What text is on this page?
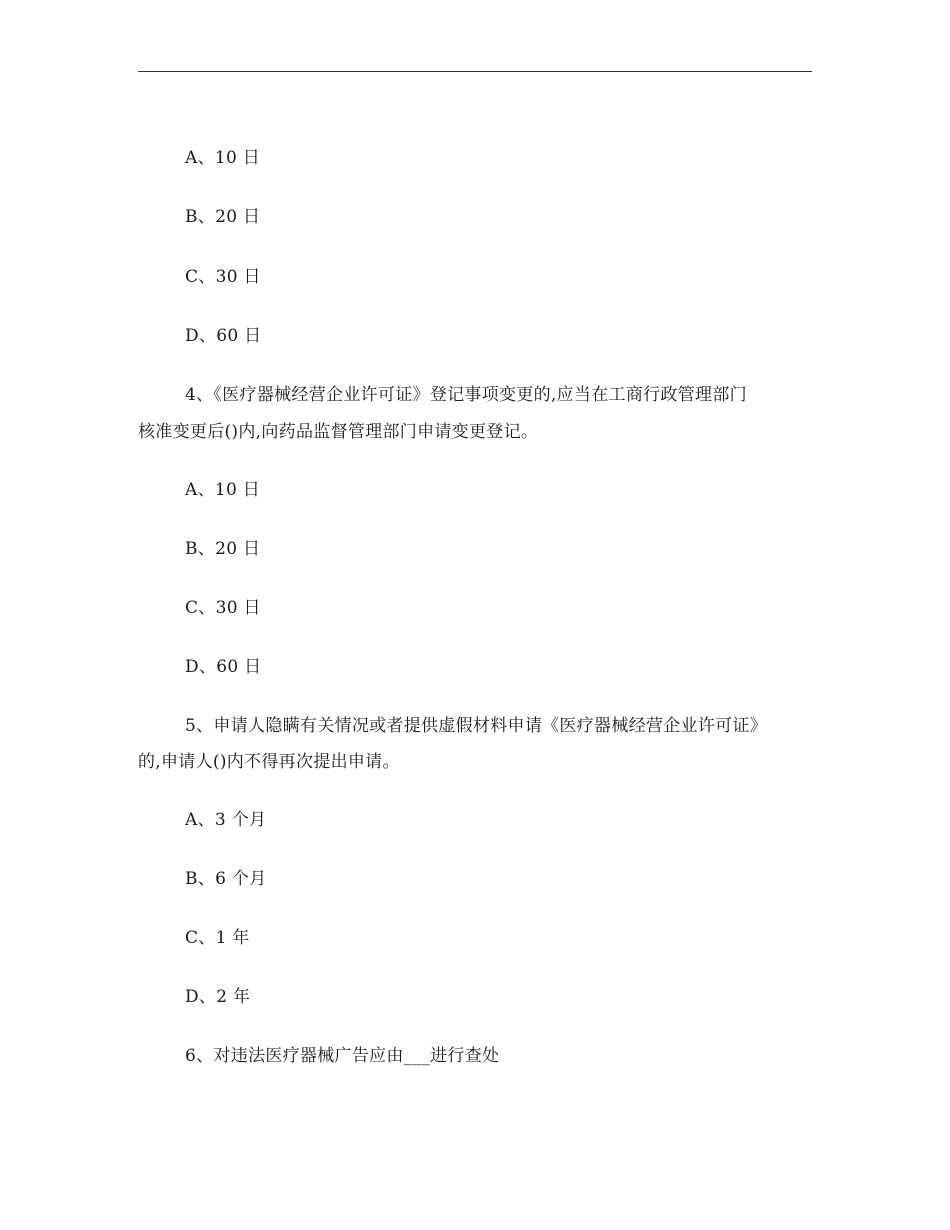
A、10 日
B、20 日
C、30 日
D、60 日
4、《医疗器械经营企业许可证》登记事项变更的,应当在工商行政管理部门
核准变更后()内,向药品监督管理部门申请变更登记。
A、10 日
B、20 日
C、30 日
D、60 日
5、申请人隐瞒有关情况或者提供虚假材料申请《医疗器械经营企业许可证》
的,申请人()内不得再次提出申请。
A、3 个月
B、6 个月
C、1 年
D、2 年
6、对违法医疗器械广告应由___进行查处
